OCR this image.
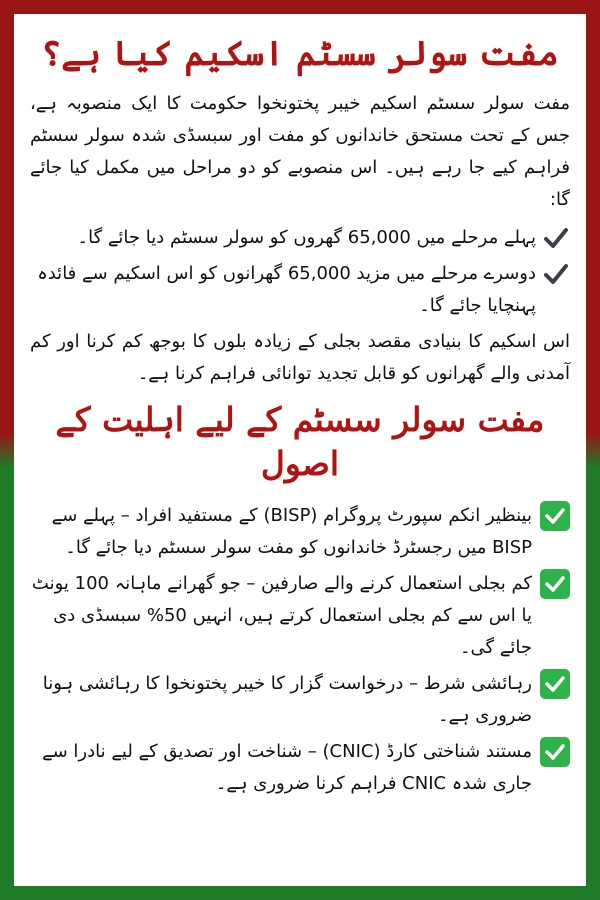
مفت سولر سسٹم اسکیم کیا ہے؟

مفت سولر سسٹم اسکیم خیبر پختونخوا حکومت کا ایک منصوبہ ہے، جس کے تحت مستحق خاندانوں کو مفت اور سبسڈی شدہ سولر سسٹم فراہم کیے جا رہے ہیں۔ اس منصوبے کو دو مراحل میں مکمل کیا جائے گا:

پہلے مرحلے میں 65,000 گھروں کو سولر سسٹم دیا جائے گا۔
دوسرے مرحلے میں مزید 65,000 گھرانوں کو اس اسکیم سے فائدہ پہنچایا جائے گا۔

اس اسکیم کا بنیادی مقصد بجلی کے زیادہ بلوں کا بوجھ کم کرنا اور کم آمدنی والے گھرانوں کو قابل تجدید توانائی فراہم کرنا ہے۔

مفت سولر سسٹم کے لیے اہلیت کے اصول
بینظیر انکم سپورٹ پروگرام (BISP) کے مستفید افراد – پہلے سے BISP میں رجسٹرڈ خاندانوں کو مفت سولر سسٹم دیا جائے گا۔
کم بجلی استعمال کرنے والے صارفین – جو گھرانے ماہانہ 100 یونٹ یا اس سے کم بجلی استعمال کرتے ہیں، انہیں 50% سبسڈی دی جائے گی۔
رہائشی شرط – درخواست گزار کا خیبر پختونخوا کا رہائشی ہونا ضروری ہے۔
مستند شناختی کارڈ (CNIC) – شناخت اور تصدیق کے لیے نادرا سے جاری شدہ CNIC فراہم کرنا ضروری ہے۔
